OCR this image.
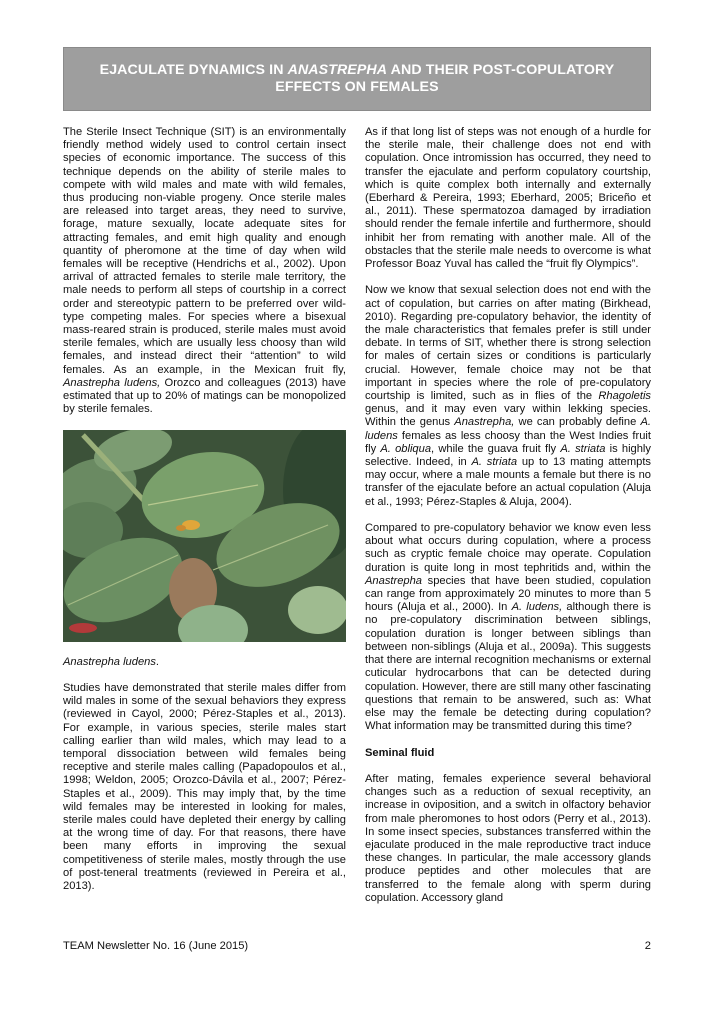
EJACULATE DYNAMICS IN ANASTREPHA AND THEIR POST-COPULATORY
EFFECTS ON FEMALES

The Sterile Insect Technique (SIT) is an environmentally friendly method widely used to control certain insect species of economic importance. The success of this technique depends on the ability of sterile males to compete with wild males and mate with wild females, thus producing non-viable progeny. Once sterile males are released into target areas, they need to survive, forage, mature sexually, locate adequate sites for attracting females, and emit high quality and enough quantity of pheromone at the time of day when wild females will be receptive (Hendrichs et al., 2002). Upon arrival of attracted females to sterile male territory, the male needs to perform all steps of courtship in a correct order and stereotypic pattern to be preferred over wild-type competing males. For species where a bisexual mass-reared strain is produced, sterile males must avoid sterile females, which are usually less choosy than wild females, and instead direct their “attention” to wild females. As an example, in the Mexican fruit fly, Anastrepha ludens, Orozco and colleagues (2013) have estimated that up to 20% of matings can be monopolized by sterile females.

Anastrepha ludens.

Studies have demonstrated that sterile males differ from wild males in some of the sexual behaviors they express (reviewed in Cayol, 2000; Pérez-Staples et al., 2013). For example, in various species, sterile males start calling earlier than wild males, which may lead to a temporal dissociation between wild females being receptive and sterile males calling (Papadopoulos et al., 1998; Weldon, 2005; Orozco-Dávila et al., 2007; Pérez-Staples et al., 2009). This may imply that, by the time wild females may be interested in looking for males, sterile males could have depleted their energy by calling at the wrong time of day. For that reasons, there have been many efforts in improving the sexual competitiveness of sterile males, mostly through the use of post-teneral treatments (reviewed in Pereira et al., 2013).

As if that long list of steps was not enough of a hurdle for the sterile male, their challenge does not end with copulation. Once intromission has occurred, they need to transfer the ejaculate and perform copulatory courtship, which is quite complex both internally and externally (Eberhard & Pereira, 1993; Eberhard, 2005; Briceño et al., 2011). These spermatozoa damaged by irradiation should render the female infertile and furthermore, should inhibit her from remating with another male. All of the obstacles that the sterile male needs to overcome is what Professor Boaz Yuval has called the “fruit fly Olympics”.

Now we know that sexual selection does not end with the act of copulation, but carries on after mating (Birkhead, 2010). Regarding pre-copulatory behavior, the identity of the male characteristics that females prefer is still under debate. In terms of SIT, whether there is strong selection for males of certain sizes or conditions is particularly crucial. However, female choice may not be that important in species where the role of pre-copulatory courtship is limited, such as in flies of the Rhagoletis genus, and it may even vary within lekking species. Within the genus Anastrepha, we can probably define A. ludens females as less choosy than the West Indies fruit fly A. obliqua, while the guava fruit fly A. striata is highly selective. Indeed, in A. striata up to 13 mating attempts may occur, where a male mounts a female but there is no transfer of the ejaculate before an actual copulation (Aluja et al., 1993; Pérez-Staples & Aluja, 2004).

Compared to pre-copulatory behavior we know even less about what occurs during copulation, where a process such as cryptic female choice may operate. Copulation duration is quite long in most tephritids and, within the Anastrepha species that have been studied, copulation can range from approximately 20 minutes to more than 5 hours (Aluja et al., 2000). In A. ludens, although there is no pre-copulatory discrimination between siblings, copulation duration is longer between siblings than between non-siblings (Aluja et al., 2009a). This suggests that there are internal recognition mechanisms or external cuticular hydrocarbons that can be detected during copulation. However, there are still many other fascinating questions that remain to be answered, such as: What else may the female be detecting during copulation? What information may be transmitted during this time?

Seminal fluid

After mating, females experience several behavioral changes such as a reduction of sexual receptivity, an increase in oviposition, and a switch in olfactory behavior from male pheromones to host odors (Perry et al., 2013). In some insect species, substances transferred within the ejaculate produced in the male reproductive tract induce these changes. In particular, the male accessory glands produce peptides and other molecules that are transferred to the female along with sperm during copulation. Accessory gland

TEAM Newsletter No. 16 (June 2015)	2
